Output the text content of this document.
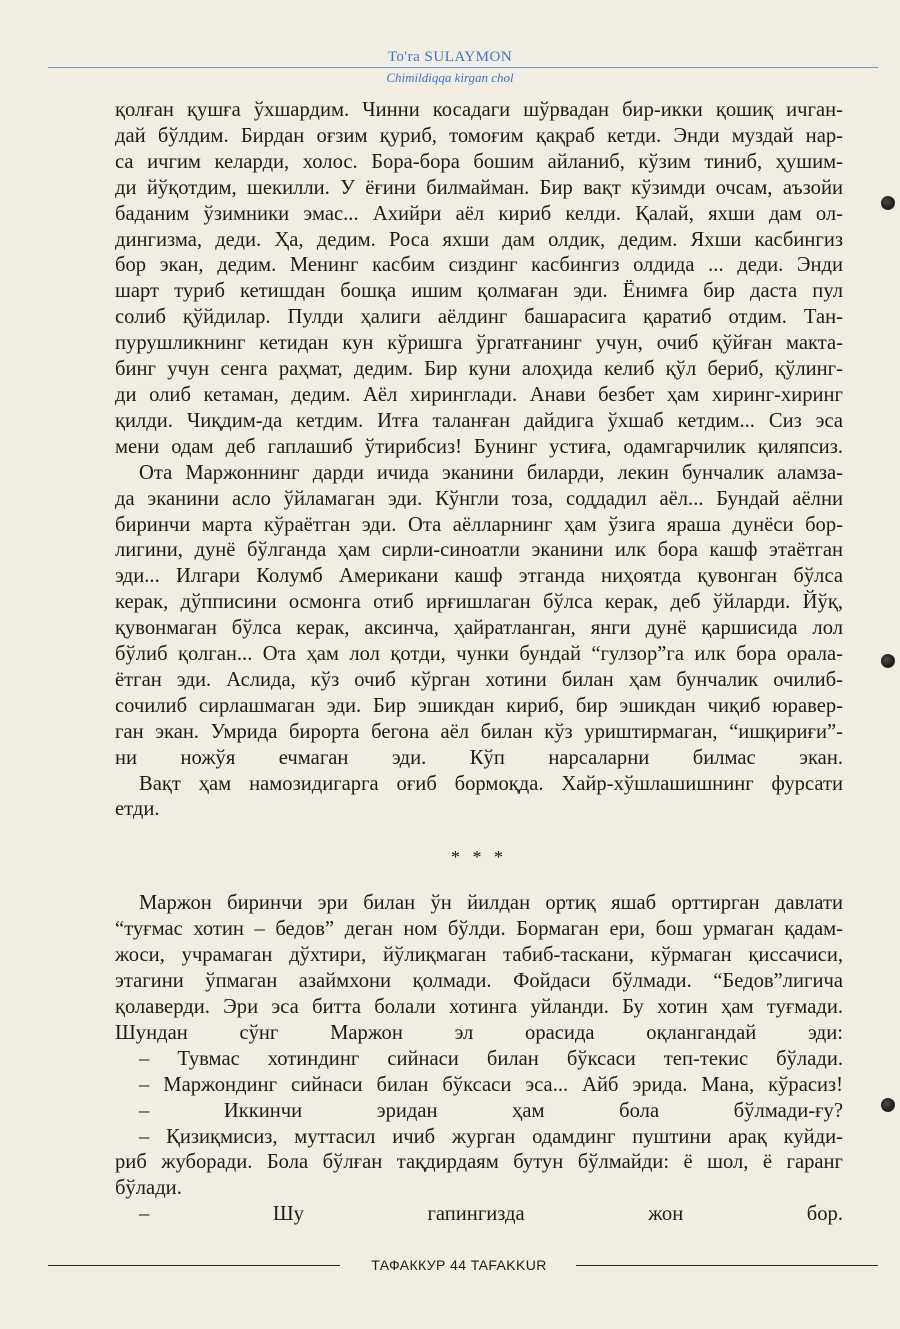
To'ra SULAYMON
Chimildiqqa kirgan chol
қолған қушға ўхшардим. Чинни косадаги шўрвадан бир-икки қошиқ ичган-
дай бўлдим. Бирдан оғзим қуриб, томоғим қақраб кетди. Энди муздай нар-
са ичгим келарди, холос. Бора-бора бошим айланиб, кўзим тиниб, ҳушим-
ди йўқотдим, шекилли. У ёғини билмайман. Бир вақт кўзимди очсам, аъзойи
баданим ўзимники эмас... Ахийри аёл кириб келди. Қалай, яхши дам ол-
дингизма, деди. Ҳа, дедим. Роса яхши дам олдик, дедим. Яхши касбингиз
бор экан, дедим. Менинг касбим сиздинг касбингиз олдида ... деди. Энди
шарт туриб кетишдан бошқа ишим қолмаған эди. Ёнимға бир даста пул
солиб қўйдилар. Пулди ҳалиги аёлдинг башарасига қаратиб отдим. Тан-
пурушликнинг кетидан кун кўришга ўргатғанинг учун, очиб қўйған макта-
бинг учун сенга раҳмат, дедим. Бир куни алоҳида келиб қўл бериб, қўлинг-
ди олиб кетаман, дедим. Аёл хиринглади. Анави безбет ҳам хиринг-хиринг
қилди. Чиқдим-да кетдим. Итға таланған дайдига ўхшаб кетдим... Сиз эса
мени одам деб гаплашиб ўтирибсиз! Бунинг устиға, одамгарчилик қиляпсиз.
Ота Маржоннинг дарди ичида эканини биларди, лекин бунчалик аламза-
да эканини асло ўйламаган эди. Кўнгли тоза, соддадил аёл... Бундай аёлни
биринчи марта кўраётган эди. Ота аёлларнинг ҳам ўзига яраша дунёси бор-
лигини, дунё бўлганда ҳам сирли-синоатли эканини илк бора кашф этаётган
эди... Илгари Колумб Американи кашф этганда ниҳоятда қувонган бўлса
керак, дўпписини осмонга отиб ирғишлаган бўлса керак, деб ўйларди. Йўқ,
қувонмаган бўлса керак, аксинча, ҳайратланган, янги дунё қаршисида лол
бўлиб қолган... Ота ҳам лол қотди, чунки бундай “гулзор”га илк бора орала-
ётган эди. Аслида, кўз очиб кўрган хотини билан ҳам бунчалик очилиб-
сочилиб сирлашмаган эди. Бир эшикдан кириб, бир эшикдан чиқиб юравер-
ган экан. Умрида бирорта бегона аёл билан кўз уриштирмаган, “ишқириғи”-
ни ножўя ечмаган эди. Кўп нарсаларни билмас экан.
Вақт ҳам намозидигарга оғиб бормоқда. Хайр-хўшлашишнинг фурсати
етди.
* * *
Маржон биринчи эри билан ўн йилдан ортиқ яшаб орттирган давлати
“туғмас хотин – бедов” деган ном бўлди. Бормаган ери, бош урмаган қадам-
жоси, учрамаган дўхтири, йўлиқмаган табиб-таскани, кўрмаган қиссачиси,
этагини ўпмаган азаймхони қолмади. Фойдаси бўлмади. “Бедов”лигича
қолаверди. Эри эса битта болали хотинга уйланди. Бу хотин ҳам туғмади.
Шундан сўнг Маржон эл орасида оқлангандай эди:
– Тувмас хотиндинг сийнаси билан бўксаси теп-текис бўлади.
– Маржондинг сийнаси билан бўксаси эса... Айб эрида. Мана, кўрасиз!
– Иккинчи эридан ҳам бола бўлмади-ғу?
– Қизиқмисиз, муттасил ичиб журган одамдинг пуштини арақ куйди-
риб жуборади. Бола бўлған тақдирдаям бутун бўлмайди: ё шол, ё гаранг
бўлади.
– Шу гапингизда жон бор.
ТАФАККУР 44 TAFAKKUR
